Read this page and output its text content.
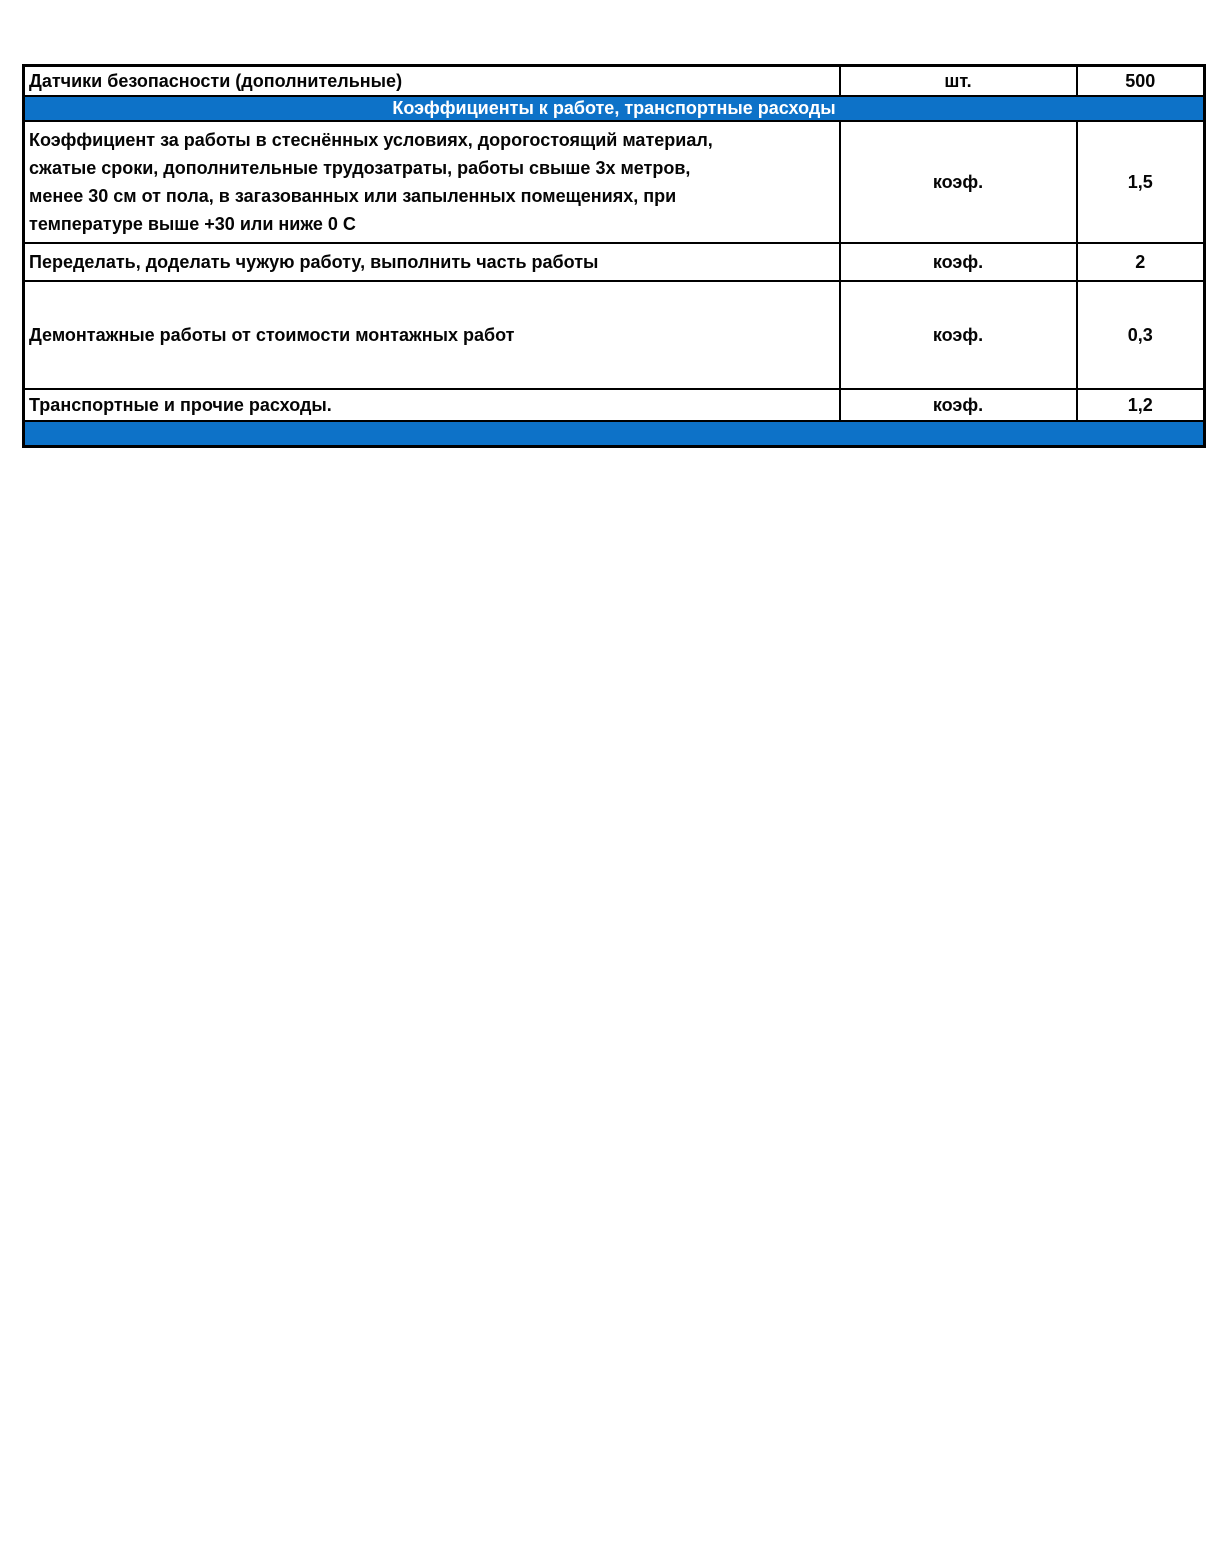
Датчики безопасности (дополнительные)	шт.	500
Коэффициенты к работе, транспортные расходы		

Коэффициент за работы в стеснённых условиях, дорогостоящий материал, сжатые сроки, дополнительные трудозатраты, работы свыше 3х метров, менее 30 см от пола, в загазованных или запыленных помещениях, при температуре выше +30 или ниже 0 С	коэф.	1,5
Переделать, доделать чужую работу, выполнить часть работы	коэф.	2
Демонтажные работы от стоимости монтажных работ	коэф.	0,3
Транспортные и прочие расходы.	коэф.	1,2
